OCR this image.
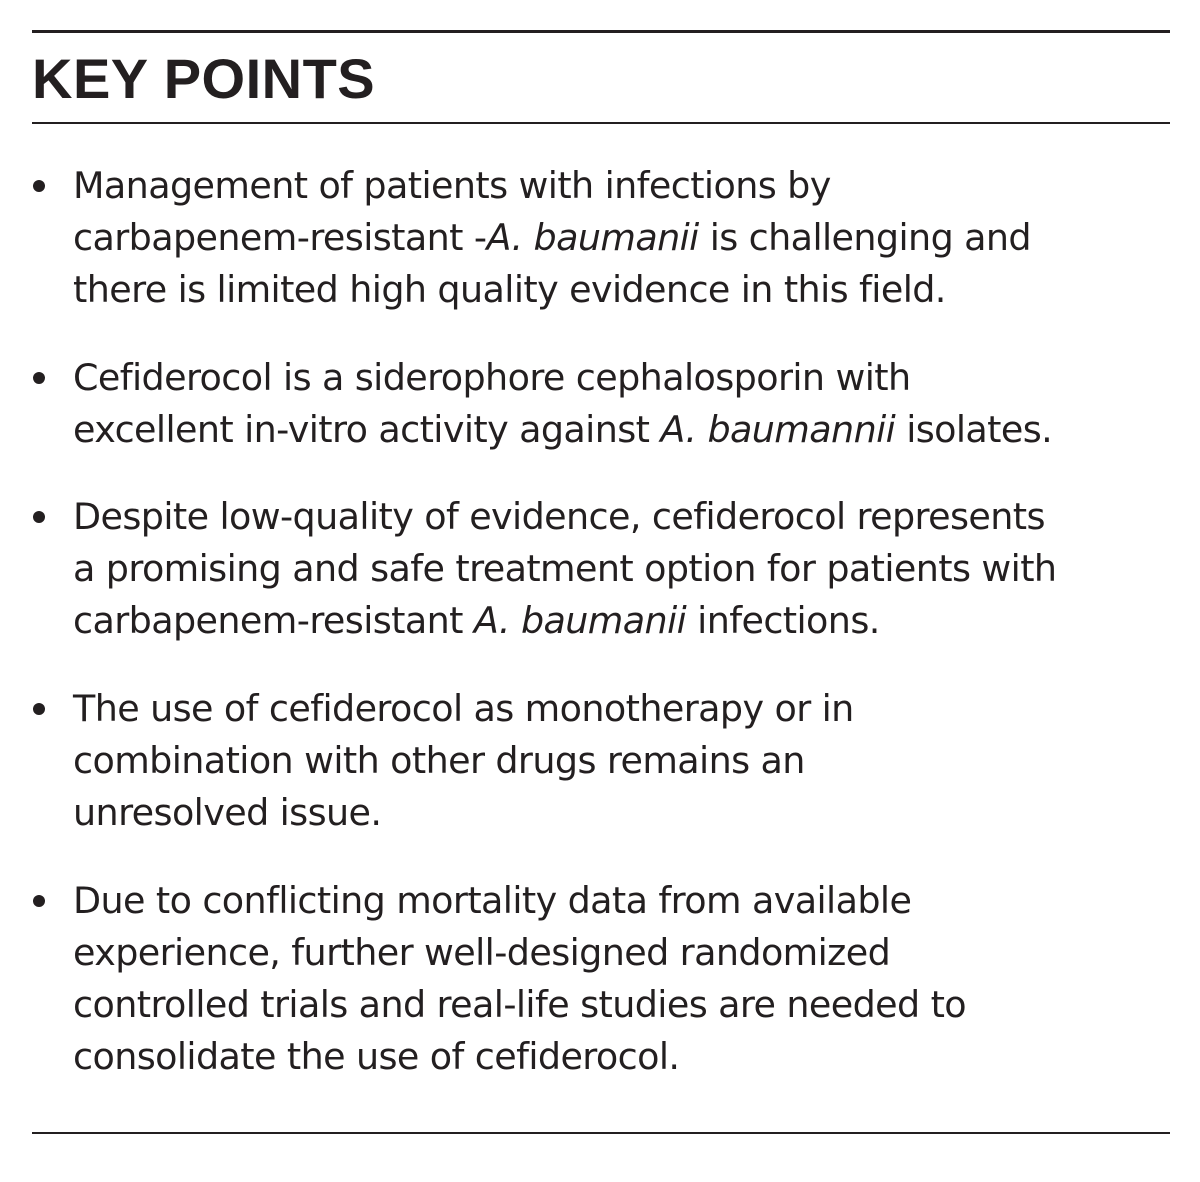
KEY POINTS
Management of patients with infections by
carbapenem-resistant -A. baumanii is challenging and
there is limited high quality evidence in this field.
Cefiderocol is a siderophore cephalosporin with
excellent in-vitro activity against A. baumannii isolates.
Despite low-quality of evidence, cefiderocol represents
a promising and safe treatment option for patients with
carbapenem-resistant A. baumanii infections.
The use of cefiderocol as monotherapy or in
combination with other drugs remains an
unresolved issue.
Due to conflicting mortality data from available
experience, further well-designed randomized
controlled trials and real-life studies are needed to
consolidate the use of cefiderocol.
